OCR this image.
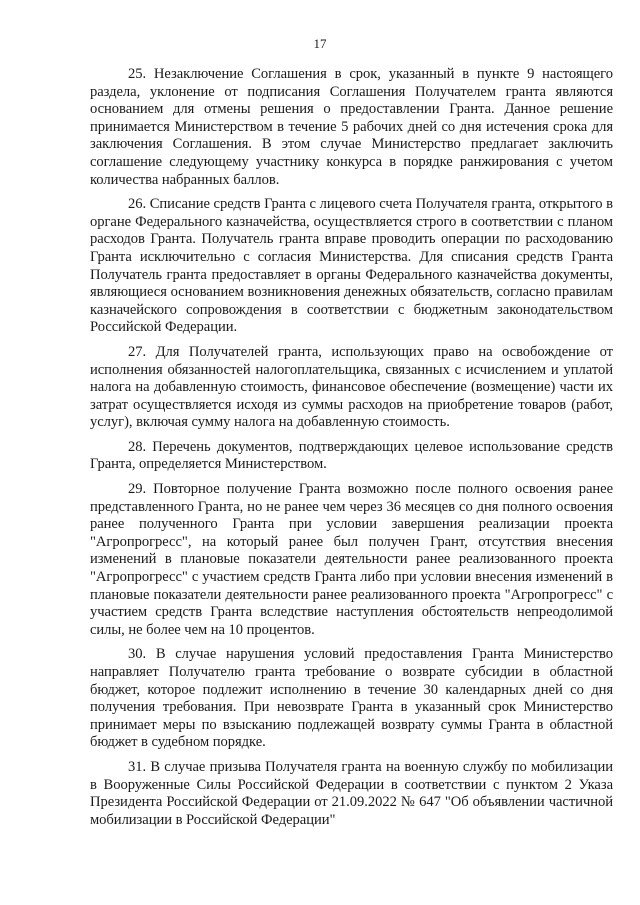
17

25. Незаключение Соглашения в срок, указанный в пункте 9 настоящего раздела, уклонение от подписания Соглашения Получателем гранта являются основанием для отмены решения о предоставлении Гранта. Данное решение принимается Министерством в течение 5 рабочих дней со дня истечения срока для заключения Соглашения. В этом случае Министерство предлагает заключить соглашение следующему участнику конкурса в порядке ранжирования с учетом количества набранных баллов.

26. Списание средств Гранта с лицевого счета Получателя гранта, открытого в органе Федерального казначейства, осуществляется строго в соответствии с планом расходов Гранта. Получатель гранта вправе проводить операции по расходованию Гранта исключительно с согласия Министерства. Для списания средств Гранта Получатель гранта предоставляет в органы Федерального казначейства документы, являющиеся основанием возникновения денежных обязательств, согласно правилам казначейского сопровождения в соответствии с бюджетным законодательством Российской Федерации.

27. Для Получателей гранта, использующих право на освобождение от исполнения обязанностей налогоплательщика, связанных с исчислением и уплатой налога на добавленную стоимость, финансовое обеспечение (возмещение) части их затрат осуществляется исходя из суммы расходов на приобретение товаров (работ, услуг), включая сумму налога на добавленную стоимость.

28. Перечень документов, подтверждающих целевое использование средств Гранта, определяется Министерством.

29. Повторное получение Гранта возможно после полного освоения ранее представленного Гранта, но не ранее чем через 36 месяцев со дня полного освоения ранее полученного Гранта при условии завершения реализации проекта "Агропрогресс", на который ранее был получен Грант, отсутствия внесения изменений в плановые показатели деятельности ранее реализованного проекта "Агропрогресс" с участием средств Гранта либо при условии внесения изменений в плановые показатели деятельности ранее реализованного проекта "Агропрогресс" с участием средств Гранта вследствие наступления обстоятельств непреодолимой силы, не более чем на 10 процентов.

30. В случае нарушения условий предоставления Гранта Министерство направляет Получателю гранта требование о возврате субсидии в областной бюджет, которое подлежит исполнению в течение 30 календарных дней со дня получения требования. При невозврате Гранта в указанный срок Министерство принимает меры по взысканию подлежащей возврату суммы Гранта в областной бюджет в судебном порядке.

31. В случае призыва Получателя гранта на военную службу по мобилизации в Вооруженные Силы Российской Федерации в соответствии с пунктом 2 Указа Президента Российской Федерации от 21.09.2022 № 647 "Об объявлении частичной мобилизации в Российской Федерации"
